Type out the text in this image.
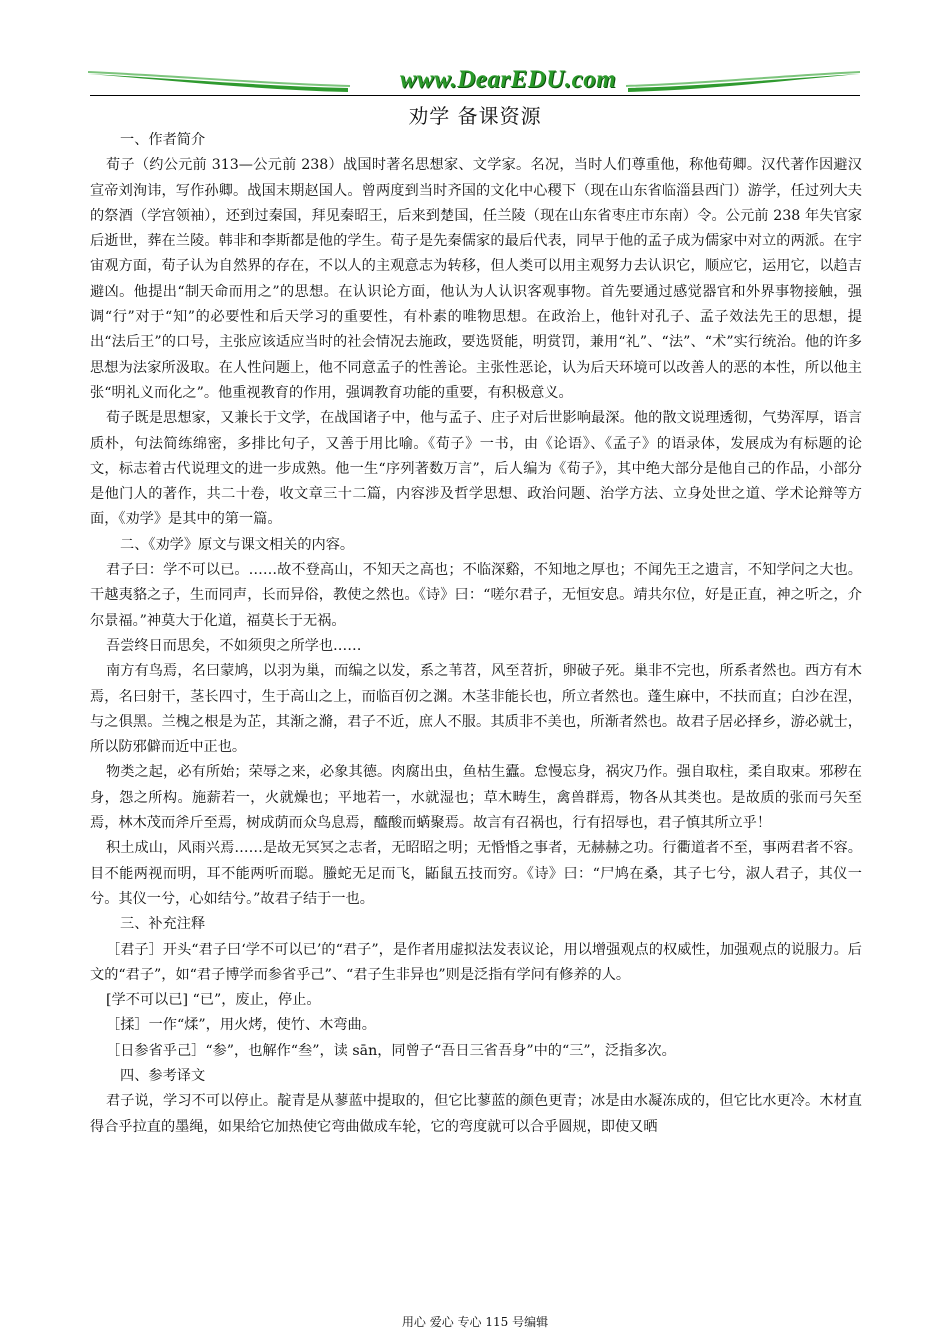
www.DearEDU.com
劝学 备课资源

一、作者简介

荀子（约公元前 313—公元前 238）战国时著名思想家、文学家。名况，当时人们尊重他，称他荀卿。汉代著作因避汉宣帝刘洵讳，写作孙卿。战国末期赵国人。曾两度到当时齐国的文化中心稷下（现在山东省临淄县西门）游学，任过列大夫的祭酒（学宫领袖），还到过秦国，拜见秦昭王，后来到楚国，任兰陵（现在山东省枣庄市东南）令。公元前 238 年失官家后逝世，葬在兰陵。韩非和李斯都是他的学生。荀子是先秦儒家的最后代表，同早于他的孟子成为儒家中对立的两派。在宇宙观方面，荀子认为自然界的存在，不以人的主观意志为转移，但人类可以用主观努力去认识它，顺应它，运用它，以趋吉避凶。他提出“制天命而用之”的思想。在认识论方面，他认为人认识客观事物。首先要通过感觉器官和外界事物接触，强调“行”对于“知”的必要性和后天学习的重要性，有朴素的唯物思想。在政治上，他针对孔子、孟子效法先王的思想，提出“法后王”的口号，主张应该适应当时的社会情况去施政，要选贤能，明赏罚，兼用“礼”、“法”、“术”实行统治。他的许多思想为法家所汲取。在人性问题上，他不同意孟子的性善论。主张性恶论，认为后天环境可以改善人的恶的本性，所以他主张“明礼义而化之”。他重视教育的作用，强调教育功能的重要，有积极意义。

荀子既是思想家，又兼长于文学，在战国诸子中，他与孟子、庄子对后世影响最深。他的散文说理透彻，气势浑厚，语言质朴，句法简练绵密，多排比句子，又善于用比喻。《荀子》一书，由《论语》、《孟子》的语录体，发展成为有标题的论文，标志着古代说理文的进一步成熟。他一生“序列著数万言”，后人编为《荀子》，其中绝大部分是他自己的作品，小部分是他门人的著作，共二十卷，收文章三十二篇，内容涉及哲学思想、政治问题、治学方法、立身处世之道、学术论辩等方面，《劝学》是其中的第一篇。

二、《劝学》原文与课文相关的内容。

君子曰：学不可以已。……故不登高山，不知天之高也；不临深谿，不知地之厚也；不闻先王之遗言，不知学问之大也。干越夷貉之子，生而同声，长而异俗，教使之然也。《诗》曰：“嗟尔君子，无恒安息。靖共尔位，好是正直，神之听之，介尔景福。”神莫大于化道，福莫长于无祸。

吾尝终日而思矣，不如须臾之所学也……

南方有鸟焉，名曰蒙鸠，以羽为巢，而编之以发，系之苇苕，风至苕折，卵破子死。巢非不完也，所系者然也。西方有木焉，名曰射干，茎长四寸，生于高山之上，而临百仞之渊。木茎非能长也，所立者然也。蓬生麻中，不扶而直；白沙在涅，与之俱黑。兰槐之根是为芷，其渐之滫，君子不近，庶人不服。其质非不美也，所渐者然也。故君子居必择乡，游必就士，所以防邪僻而近中正也。

物类之起，必有所始；荣辱之来，必象其德。肉腐出虫，鱼枯生蠹。怠慢忘身，祸灾乃作。强自取柱，柔自取束。邪秽在身，怨之所构。施薪若一，火就燥也；平地若一，水就湿也；草木畴生，禽兽群焉，物各从其类也。是故质的张而弓矢至焉，林木茂而斧斤至焉，树成荫而众鸟息焉，醯酸而蜹聚焉。故言有召祸也，行有招辱也，君子慎其所立乎！

积土成山，风雨兴焉……是故无冥冥之志者，无昭昭之明；无惛惛之事者，无赫赫之功。行衢道者不至，事两君者不容。目不能两视而明，耳不能两听而聪。螣蛇无足而飞，鼫鼠五技而穷。《诗》曰：“尸鸠在桑，其子七兮，淑人君子，其仪一兮。其仪一兮，心如结兮。”故君子结于一也。

三、补充注释

［君子］开头“君子曰‘学不可以已’的“君子”，是作者用虚拟法发表议论，用以增强观点的权威性，加强观点的说服力。后文的“君子”，如“君子博学而参省乎己”、“君子生非异也”则是泛指有学问有修养的人。

[学不可以已] “已”，废止，停止。

［揉］一作“煣”，用火烤，使竹、木弯曲。

［日参省乎己］“参”，也解作“叁”，读 sān，同曾子“吾日三省吾身”中的“三”，泛指多次。

四、参考译文

君子说，学习不可以停止。靛青是从蓼蓝中提取的，但它比蓼蓝的颜色更青；冰是由水凝冻成的，但它比水更冷。木材直得合乎拉直的墨绳，如果给它加热使它弯曲做成车轮，它的弯度就可以合乎圆规，即使又晒

用心 爱心 专心 115 号编辑
